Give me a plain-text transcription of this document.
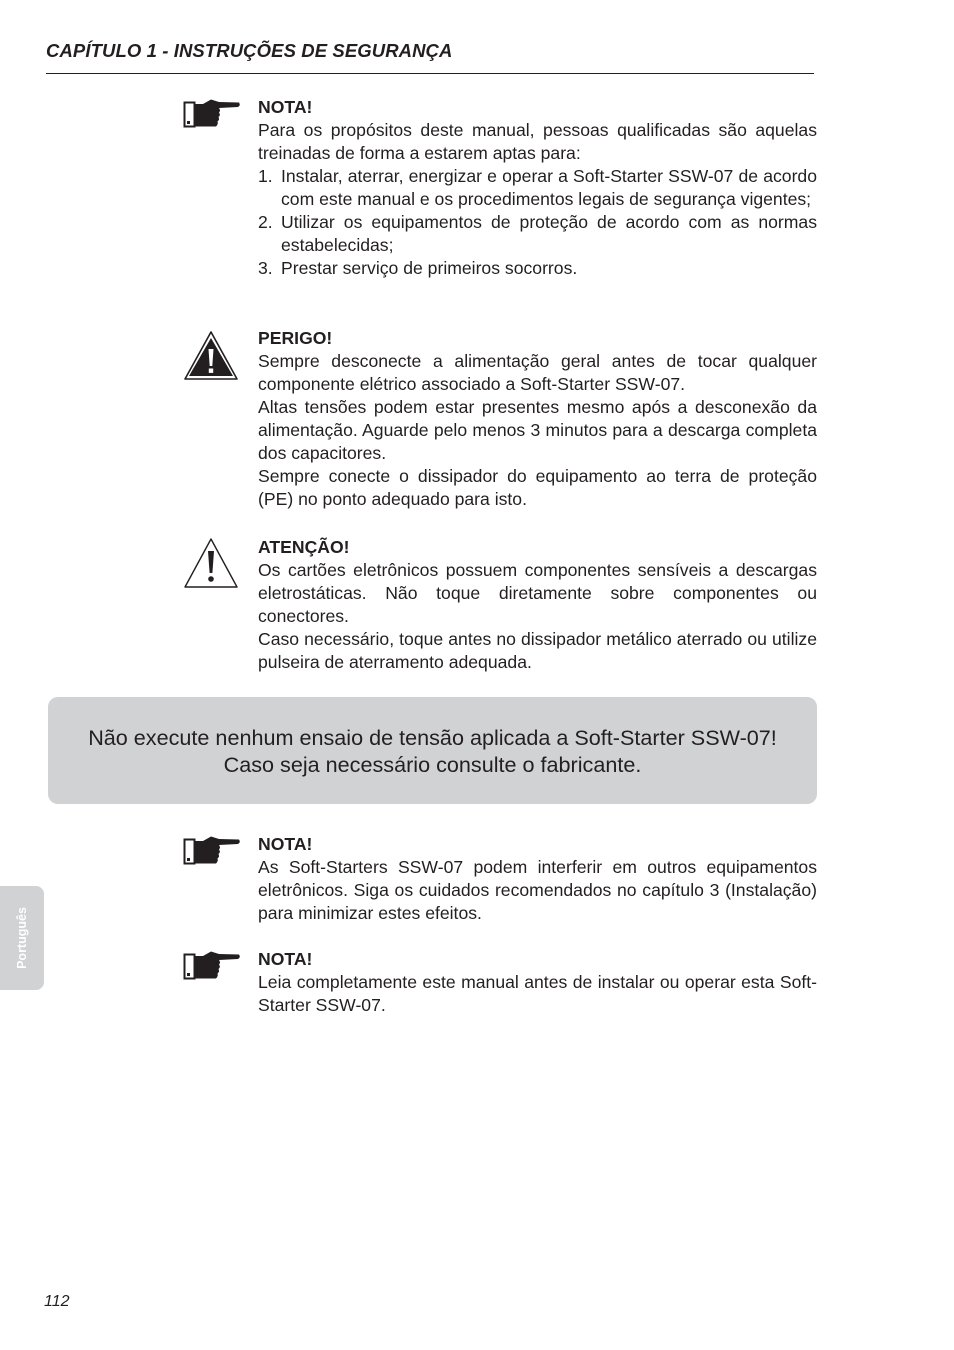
CAPÍTULO 1 - INSTRUÇÕES DE SEGURANÇA
NOTA!

Para os propósitos deste manual, pessoas qualificadas são aquelas treinadas de forma a estarem aptas para:

1. Instalar, aterrar, energizar e operar a Soft-Starter SSW-07 de acordo com este manual e os procedimentos legais de segurança vigentes;
2. Utilizar os equipamentos de proteção de acordo com as normas estabelecidas;
3. Prestar serviço de primeiros socorros.
PERIGO!

Sempre desconecte a alimentação geral antes de tocar qualquer componente elétrico associado a Soft-Starter SSW-07.

Altas tensões podem estar presentes mesmo após a desconexão da alimentação. Aguarde pelo menos 3 minutos para a descarga completa dos capacitores.

Sempre conecte o dissipador do equipamento ao terra de proteção (PE) no ponto adequado para isto.

ATENÇÃO!

Os cartões eletrônicos possuem componentes sensíveis a descargas eletrostáticas. Não toque diretamente sobre componentes ou conectores.

Caso necessário, toque antes no dissipador metálico aterrado ou utilize pulseira de aterramento adequada.

Não execute nenhum ensaio de tensão aplicada a Soft-Starter SSW-07!
Caso seja necessário consulte o fabricante.
NOTA!

As Soft-Starters SSW-07 podem interferir em outros equipamentos eletrônicos. Siga os cuidados recomendados no capítulo 3 (Instalação) para minimizar estes efeitos.

NOTA!

Leia completamente este manual antes de instalar ou operar esta Soft-Starter SSW-07.

Português
112
